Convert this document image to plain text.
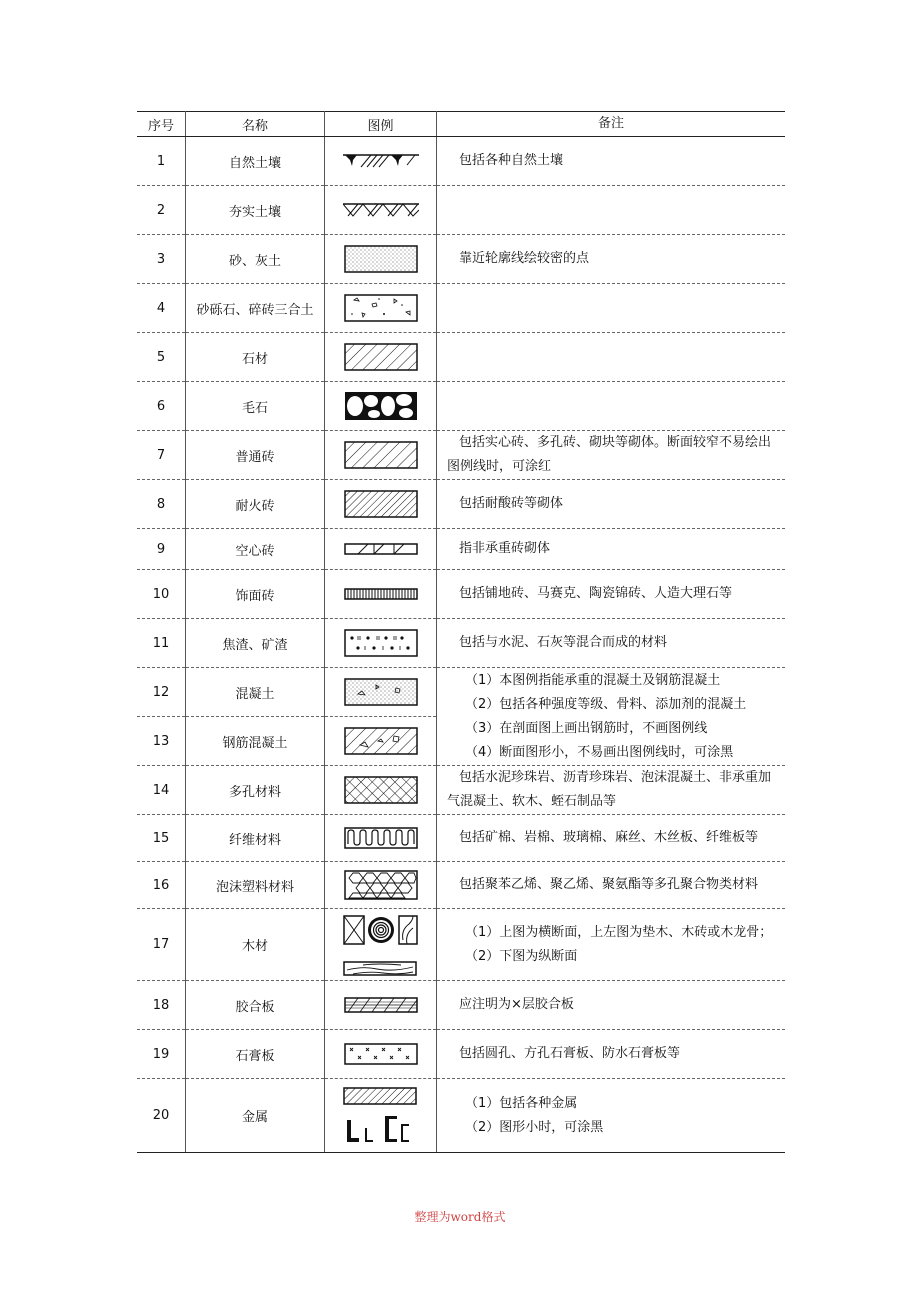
序号	名称	图例	备注
1	自然土壤		包括各种自然土壤
2	夯实土壤	

3	砂、灰土		靠近轮廓线绘较密的点
4	砂砾石、碎砖三合土	

5	石材	

6	毛石	

7	普通砖		包括实心砖、多孔砖、砌块等砌体。断面较窄不易绘出图例线时，可涂红
8	耐火砖		包括耐酸砖等砌体
9	空心砖		指非承重砖砌体
10	饰面砖		包括铺地砖、马赛克、陶瓷锦砖、人造大理石等
11	焦渣、矿渣		包括与水泥、石灰等混合而成的材料
12	混凝土		（1）本图例指能承重的混凝土及钢筋混凝土
（2）包括各种强度等级、骨料、添加剂的混凝土
（3）在剖面图上画出钢筋时，不画图例线
（4）断面图形小，不易画出图例线时，可涂黑

13	钢筋混凝土	

14	多孔材料		包括水泥珍珠岩、沥青珍珠岩、泡沫混凝土、非承重加气混凝土、软木、蛭石制品等
15	纤维材料		包括矿棉、岩棉、玻璃棉、麻丝、木丝板、纤维板等
16	泡沫塑料材料		包括聚苯乙烯、聚乙烯、聚氨酯等多孔聚合物类材料
17	木材		（1）上图为横断面，上左图为垫木、木砖或木龙骨；
（2）下图为纵断面

18	胶合板		应注明为×层胶合板
19	石膏板		包括圆孔、方孔石膏板、防水石膏板等
20	金属		（1）包括各种金属
（2）图形小时，可涂黑
整理为word格式
